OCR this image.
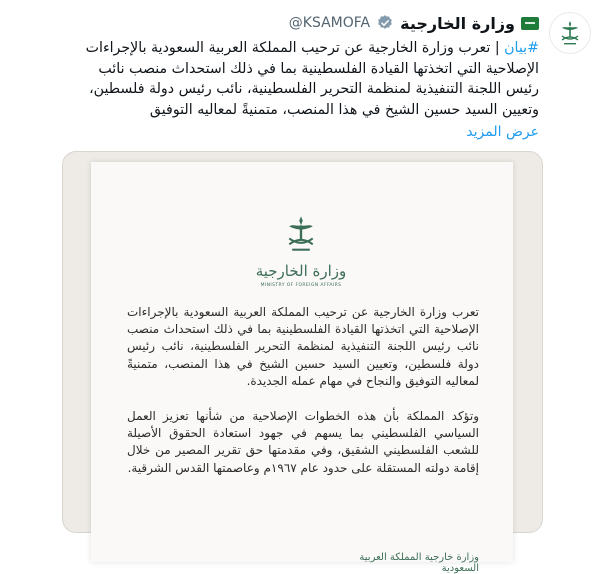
وزارة الخارجية
@KSAMOFA
#بيان | تعرب وزارة الخارجية عن ترحيب المملكة العربية السعودية بالإجراءات الإصلاحية التي اتخذتها القيادة الفلسطينية بما في ذلك استحداث منصب نائب رئيس اللجنة التنفيذية لمنظمة التحرير الفلسطينية، نائب رئيس دولة فلسطين، وتعيين السيد حسين الشيخ في هذا المنصب، متمنيةً لمعاليه التوفيق
عرض المزيد
وزارة الخارجية
MINISTRY OF FOREIGN AFFAIRS
تعرب وزارة الخارجية عن ترحيب المملكة العربية السعودية بالإجراءات الإصلاحية التي اتخذتها القيادة الفلسطينية بما في ذلك استحداث منصب نائب رئيس اللجنة التنفيذية لمنظمة التحرير الفلسطينية، نائب رئيس دولة فلسطين، وتعيين السيد حسين الشيخ في هذا المنصب، متمنيةً لمعاليه التوفيق والنجاح في مهام عمله الجديدة.
وتؤكد المملكة بأن هذه الخطوات الإصلاحية من شأنها تعزيز العمل السياسي الفلسطيني بما يسهم في جهود استعادة الحقوق الأصيلة للشعب الفلسطيني الشقيق، وفي مقدمتها حق تقرير المصير من خلال إقامة دولته المستقلة على حدود عام ١٩٦٧م وعاصمتها القدس الشرقية.
وزارة خارجية المملكة العربية السعودية
